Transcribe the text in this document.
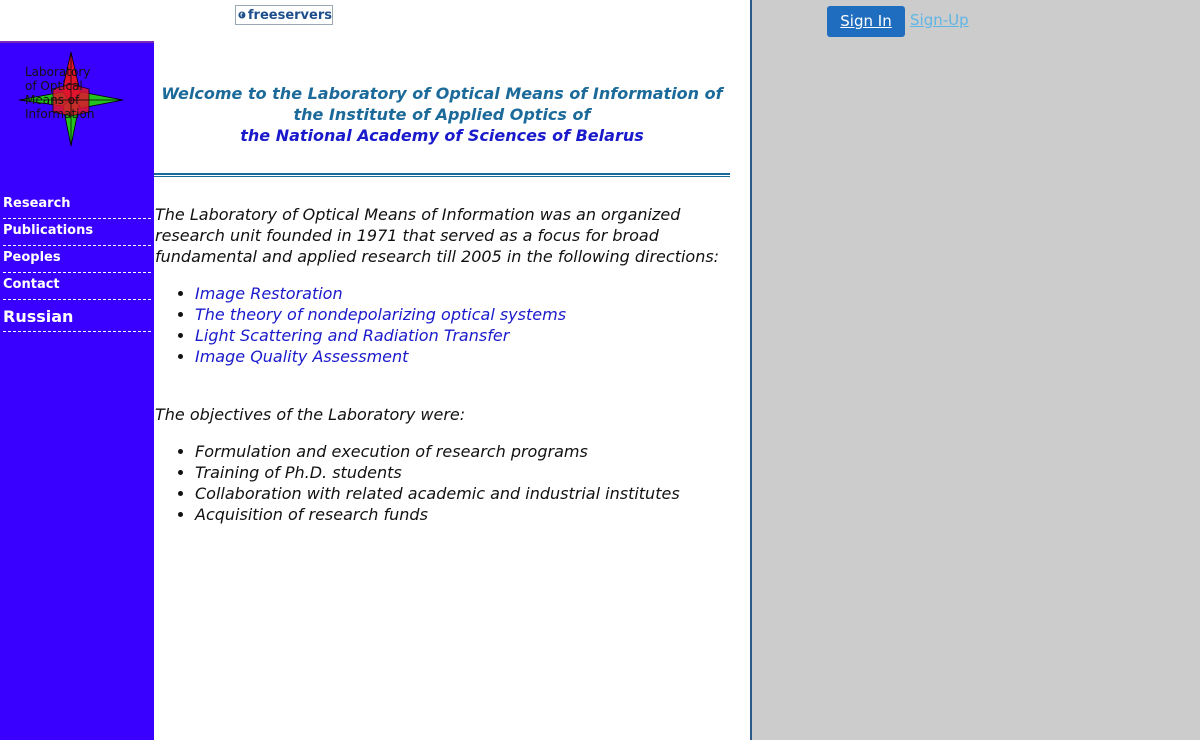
freeservers
Laboratory
of Optical
Means of
Information
Research
Publications
Peoples
Contact
Russian
Welcome to the Laboratory of Optical Means of Information of
the Institute of Applied Optics of
the National Academy of Sciences of Belarus

The Laboratory of Optical Means of Information was an organized research unit founded in 1971 that served as a focus for broad fundamental and applied research till 2005 in the following directions:

• Image Restoration
• The theory of nondepolarizing optical systems
• Light Scattering and Radiation Transfer
• Image Quality Assessment

The objectives of the Laboratory were:

• Formulation and execution of research programs
• Training of Ph.D. students
• Collaboration with related academic and industrial institutes
• Acquisition of research funds
Sign In	Sign-Up
